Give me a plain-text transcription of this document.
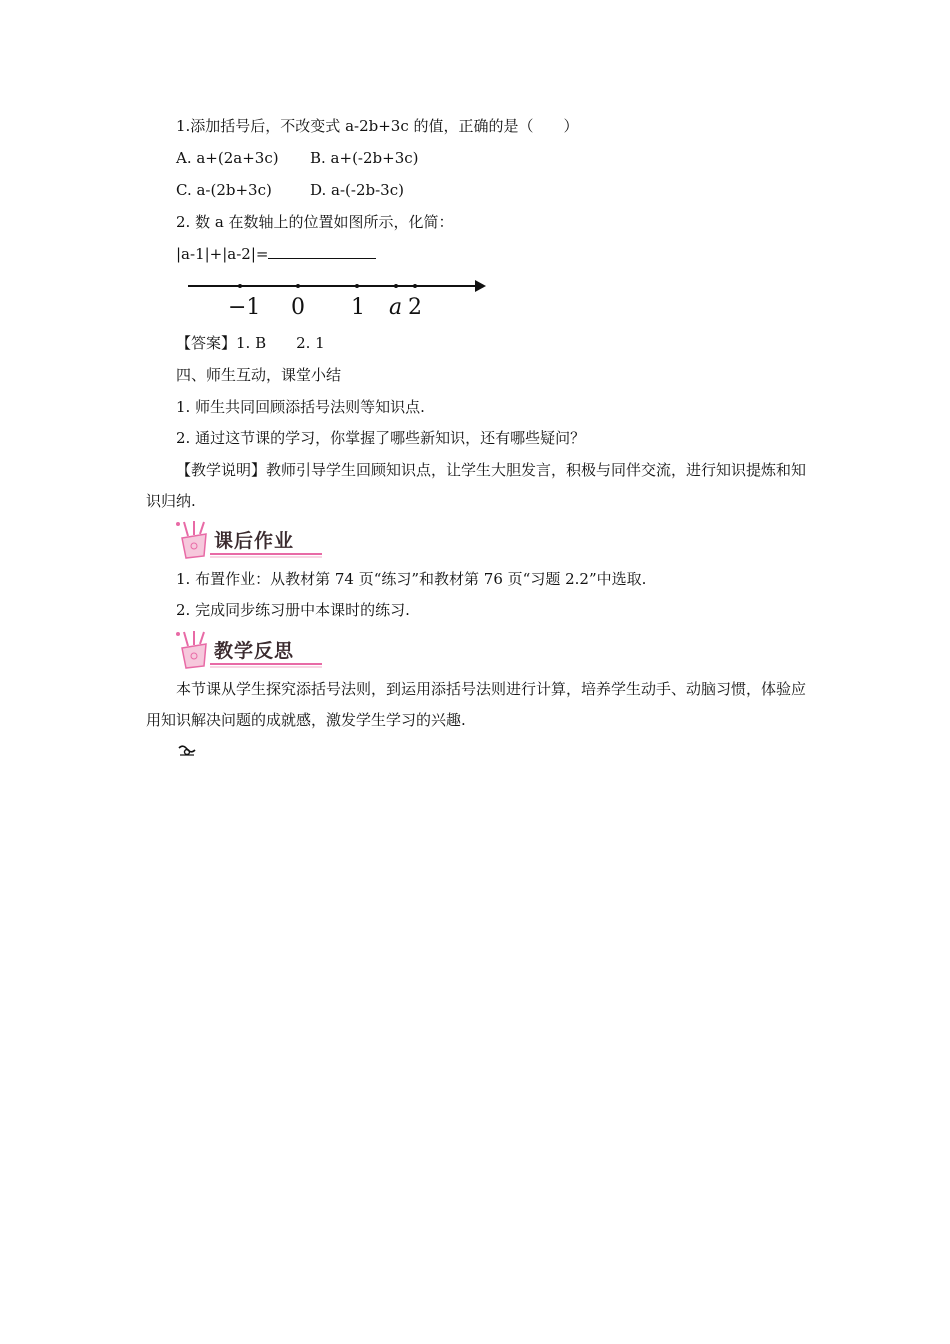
1.添加括号后，不改变式 a-2b+3c 的值，正确的是（　　）
A. a+(2a+3c) B. a+(-2b+3c)
C. a-(2b+3c)	D. a-(-2b-3c)
2. 数 a 在数轴上的位置如图所示，化简：
|a-1|+|a-2|=
−1 0 1 a 2
【答案】1. B　　2. 1
四、师生互动，课堂小结
1. 师生共同回顾添括号法则等知识点.
2. 通过这节课的学习，你掌握了哪些新知识，还有哪些疑问？
【教学说明】教师引导学生回顾知识点，让学生大胆发言，积极与同伴交流，进行知识提炼和知识归纳.
课后作业
1. 布置作业：从教材第 74 页“练习”和教材第 76 页“习题 2.2”中选取.
2. 完成同步练习册中本课时的练习.
教学反思
本节课从学生探究添括号法则，到运用添括号法则进行计算，培养学生动手、动脑习惯，体验应用知识解决问题的成就感，激发学生学习的兴趣.
